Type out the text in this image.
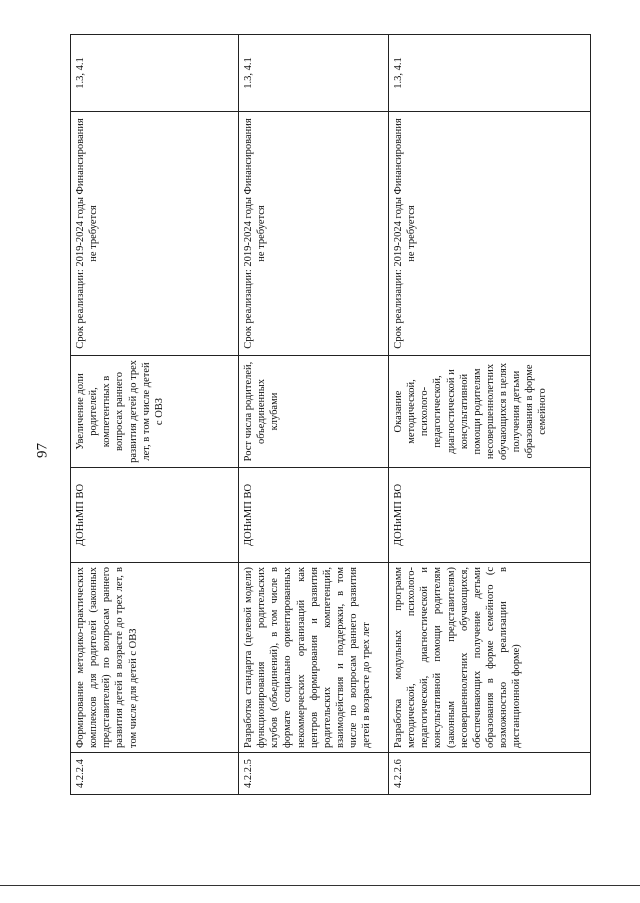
97
4.2.2.4	Формирование методико-практических комплексов для родителей (законных представителей) по вопросам раннего развития детей в возрасте до трех лет, в том числе для детей с ОВЗ	ДОНиМП ВО	Увеличение доли родителей, компетентных в вопросах раннего развития детей до трех лет, в том числе детей с ОВЗ	Срок реализации: 2019-2024 годы Финансирования не требуется	1.3, 4.1
4.2.2.5	Разработка стандарта (целевой модели) функционирования родительских клубов (объединений), в том числе в формате социально ориентированных некоммерческих организаций как центров формирования и развития родительских компетенций, взаимодействия и поддержки, в том числе по вопросам раннего развития детей в возрасте до трех лет	ДОНиМП ВО	Рост числа родителей, объединенных клубами	Срок реализации: 2019-2024 годы Финансирования не требуется	1.3, 4.1
4.2.2.6	Разработка модульных программ методической, психолого-педагогической, диагностической и консультативной помощи родителям (законным представителям) несовершеннолетних обучающихся, обеспечивающих получение детьми образования в форме семейного (с возможностью реализации в дистанционной форме)	ДОНиМП ВО	Оказание методической, психолого-педагогической, диагностической и консультативной помощи родителям несовершеннолетних обучающихся в целях получения детьми образования в форме семейного	Срок реализации: 2019-2024 годы Финансирования не требуется	1.3, 4.1
